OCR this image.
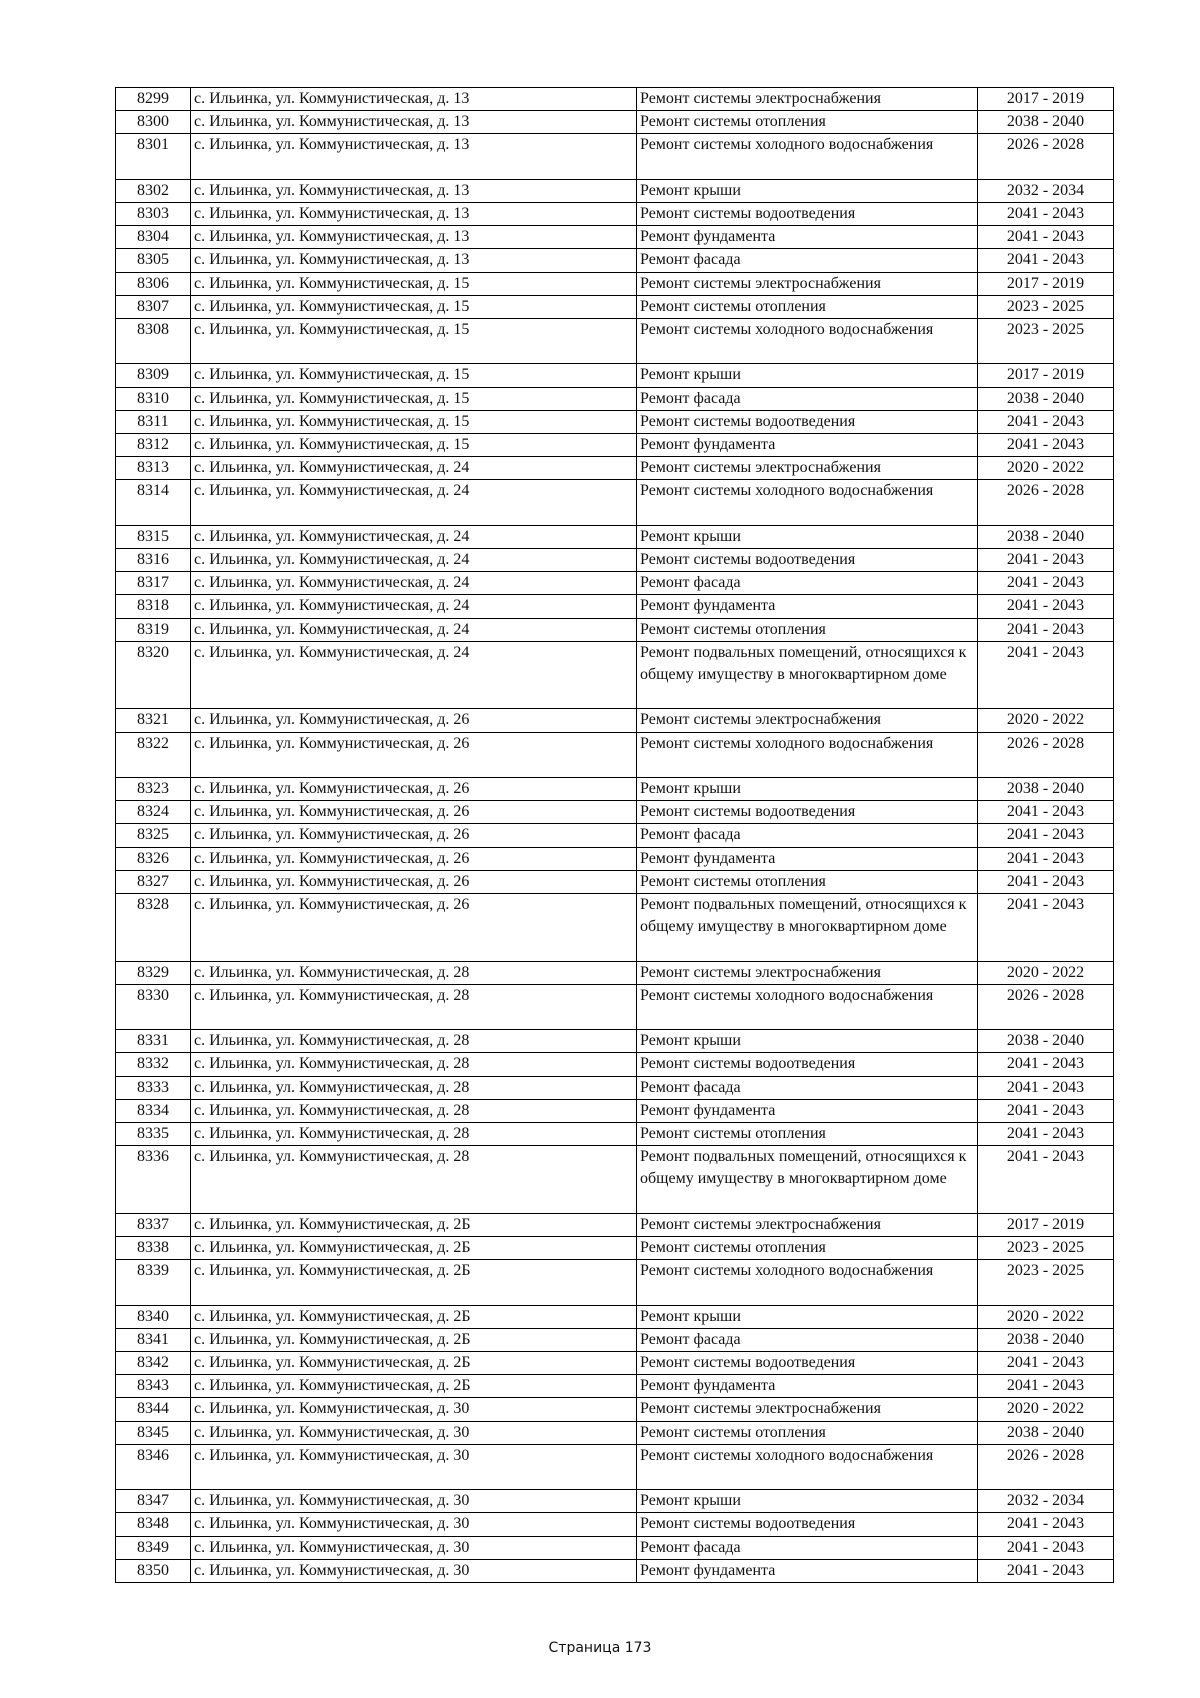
8299	с. Ильинка, ул. Коммунистическая, д. 13	Ремонт системы электроснабжения	2017 - 2019
8300	с. Ильинка, ул. Коммунистическая, д. 13	Ремонт системы отопления	2038 - 2040
8301	с. Ильинка, ул. Коммунистическая, д. 13	Ремонт системы холодного водоснабжения	2026 - 2028
8302	с. Ильинка, ул. Коммунистическая, д. 13	Ремонт крыши	2032 - 2034
8303	с. Ильинка, ул. Коммунистическая, д. 13	Ремонт системы водоотведения	2041 - 2043
8304	с. Ильинка, ул. Коммунистическая, д. 13	Ремонт фундамента	2041 - 2043
8305	с. Ильинка, ул. Коммунистическая, д. 13	Ремонт фасада	2041 - 2043
8306	с. Ильинка, ул. Коммунистическая, д. 15	Ремонт системы электроснабжения	2017 - 2019
8307	с. Ильинка, ул. Коммунистическая, д. 15	Ремонт системы отопления	2023 - 2025
8308	с. Ильинка, ул. Коммунистическая, д. 15	Ремонт системы холодного водоснабжения	2023 - 2025
8309	с. Ильинка, ул. Коммунистическая, д. 15	Ремонт крыши	2017 - 2019
8310	с. Ильинка, ул. Коммунистическая, д. 15	Ремонт фасада	2038 - 2040
8311	с. Ильинка, ул. Коммунистическая, д. 15	Ремонт системы водоотведения	2041 - 2043
8312	с. Ильинка, ул. Коммунистическая, д. 15	Ремонт фундамента	2041 - 2043
8313	с. Ильинка, ул. Коммунистическая, д. 24	Ремонт системы электроснабжения	2020 - 2022
8314	с. Ильинка, ул. Коммунистическая, д. 24	Ремонт системы холодного водоснабжения	2026 - 2028
8315	с. Ильинка, ул. Коммунистическая, д. 24	Ремонт крыши	2038 - 2040
8316	с. Ильинка, ул. Коммунистическая, д. 24	Ремонт системы водоотведения	2041 - 2043
8317	с. Ильинка, ул. Коммунистическая, д. 24	Ремонт фасада	2041 - 2043
8318	с. Ильинка, ул. Коммунистическая, д. 24	Ремонт фундамента	2041 - 2043
8319	с. Ильинка, ул. Коммунистическая, д. 24	Ремонт системы отопления	2041 - 2043
8320	с. Ильинка, ул. Коммунистическая, д. 24	Ремонт подвальных помещений, относящихся к общему имуществу в многоквартирном доме	2041 - 2043
8321	с. Ильинка, ул. Коммунистическая, д. 26	Ремонт системы электроснабжения	2020 - 2022
8322	с. Ильинка, ул. Коммунистическая, д. 26	Ремонт системы холодного водоснабжения	2026 - 2028
8323	с. Ильинка, ул. Коммунистическая, д. 26	Ремонт крыши	2038 - 2040
8324	с. Ильинка, ул. Коммунистическая, д. 26	Ремонт системы водоотведения	2041 - 2043
8325	с. Ильинка, ул. Коммунистическая, д. 26	Ремонт фасада	2041 - 2043
8326	с. Ильинка, ул. Коммунистическая, д. 26	Ремонт фундамента	2041 - 2043
8327	с. Ильинка, ул. Коммунистическая, д. 26	Ремонт системы отопления	2041 - 2043
8328	с. Ильинка, ул. Коммунистическая, д. 26	Ремонт подвальных помещений, относящихся к общему имуществу в многоквартирном доме	2041 - 2043
8329	с. Ильинка, ул. Коммунистическая, д. 28	Ремонт системы электроснабжения	2020 - 2022
8330	с. Ильинка, ул. Коммунистическая, д. 28	Ремонт системы холодного водоснабжения	2026 - 2028
8331	с. Ильинка, ул. Коммунистическая, д. 28	Ремонт крыши	2038 - 2040
8332	с. Ильинка, ул. Коммунистическая, д. 28	Ремонт системы водоотведения	2041 - 2043
8333	с. Ильинка, ул. Коммунистическая, д. 28	Ремонт фасада	2041 - 2043
8334	с. Ильинка, ул. Коммунистическая, д. 28	Ремонт фундамента	2041 - 2043
8335	с. Ильинка, ул. Коммунистическая, д. 28	Ремонт системы отопления	2041 - 2043
8336	с. Ильинка, ул. Коммунистическая, д. 28	Ремонт подвальных помещений, относящихся к общему имуществу в многоквартирном доме	2041 - 2043
8337	с. Ильинка, ул. Коммунистическая, д. 2Б	Ремонт системы электроснабжения	2017 - 2019
8338	с. Ильинка, ул. Коммунистическая, д. 2Б	Ремонт системы отопления	2023 - 2025
8339	с. Ильинка, ул. Коммунистическая, д. 2Б	Ремонт системы холодного водоснабжения	2023 - 2025
8340	с. Ильинка, ул. Коммунистическая, д. 2Б	Ремонт крыши	2020 - 2022
8341	с. Ильинка, ул. Коммунистическая, д. 2Б	Ремонт фасада	2038 - 2040
8342	с. Ильинка, ул. Коммунистическая, д. 2Б	Ремонт системы водоотведения	2041 - 2043
8343	с. Ильинка, ул. Коммунистическая, д. 2Б	Ремонт фундамента	2041 - 2043
8344	с. Ильинка, ул. Коммунистическая, д. 30	Ремонт системы электроснабжения	2020 - 2022
8345	с. Ильинка, ул. Коммунистическая, д. 30	Ремонт системы отопления	2038 - 2040
8346	с. Ильинка, ул. Коммунистическая, д. 30	Ремонт системы холодного водоснабжения	2026 - 2028
8347	с. Ильинка, ул. Коммунистическая, д. 30	Ремонт крыши	2032 - 2034
8348	с. Ильинка, ул. Коммунистическая, д. 30	Ремонт системы водоотведения	2041 - 2043
8349	с. Ильинка, ул. Коммунистическая, д. 30	Ремонт фасада	2041 - 2043
8350	с. Ильинка, ул. Коммунистическая, д. 30	Ремонт фундамента	2041 - 2043
Страница 173
